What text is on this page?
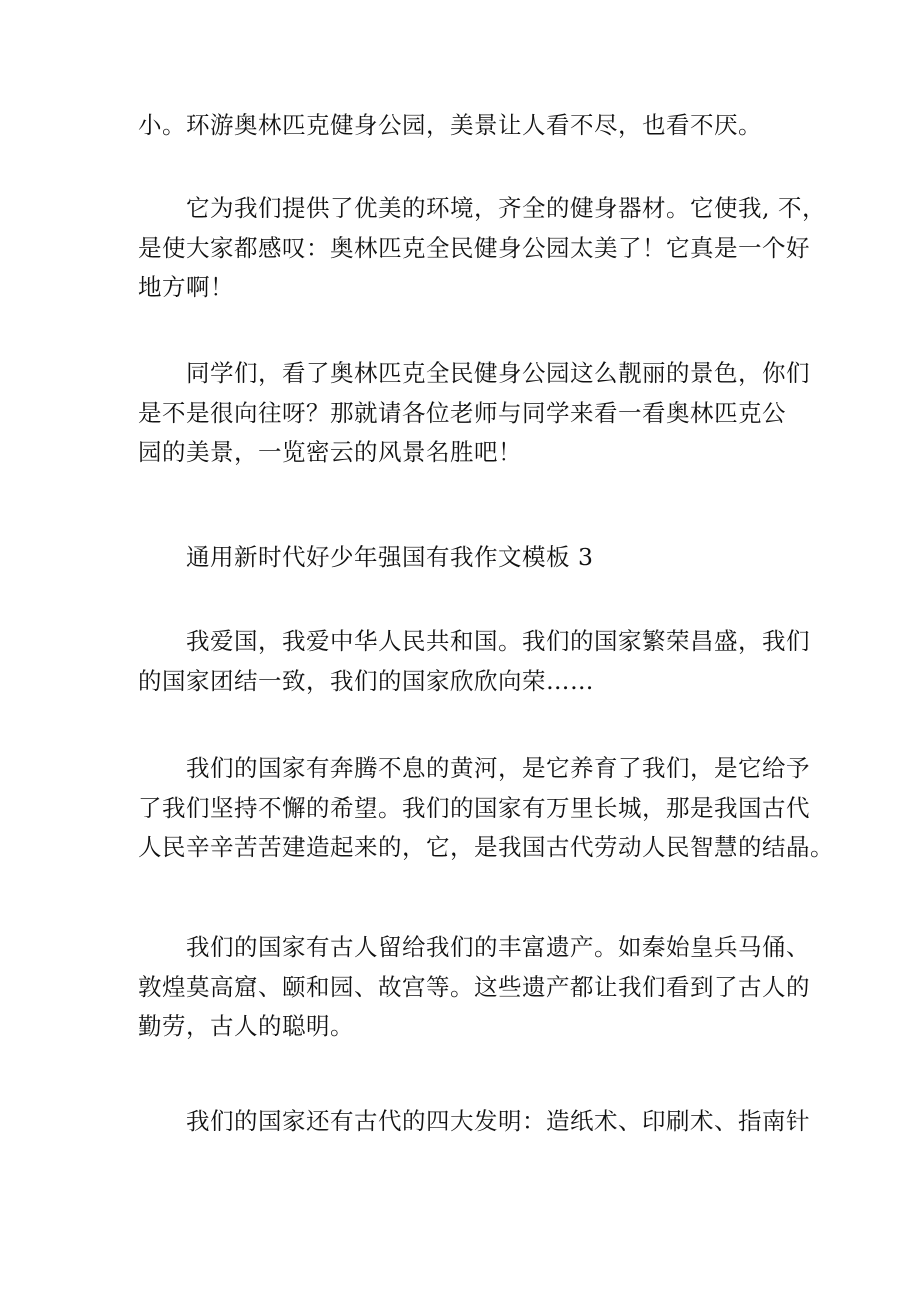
小。环游奥林匹克健身公园，美景让人看不尽，也看不厌。

它为我们提供了优美的环境，齐全的健身器材。它使我, 不，
是使大家都感叹：奥林匹克全民健身公园太美了！它真是一个好
地方啊！

同学们，看了奥林匹克全民健身公园这么靓丽的景色，你们
是不是很向往呀？那就请各位老师与同学来看一看奥林匹克公
园的美景，一览密云的风景名胜吧！

通用新时代好少年强国有我作文模板 3

我爱国，我爱中华人民共和国。我们的国家繁荣昌盛，我们
的国家团结一致，我们的国家欣欣向荣……

我们的国家有奔腾不息的黄河，是它养育了我们，是它给予
了我们坚持不懈的希望。我们的国家有万里长城，那是我国古代
人民辛辛苦苦建造起来的，它，是我国古代劳动人民智慧的结晶。

我们的国家有古人留给我们的丰富遗产。如秦始皇兵马俑、
敦煌莫高窟、颐和园、故宫等。这些遗产都让我们看到了古人的
勤劳，古人的聪明。

我们的国家还有古代的四大发明：造纸术、印刷术、指南针
